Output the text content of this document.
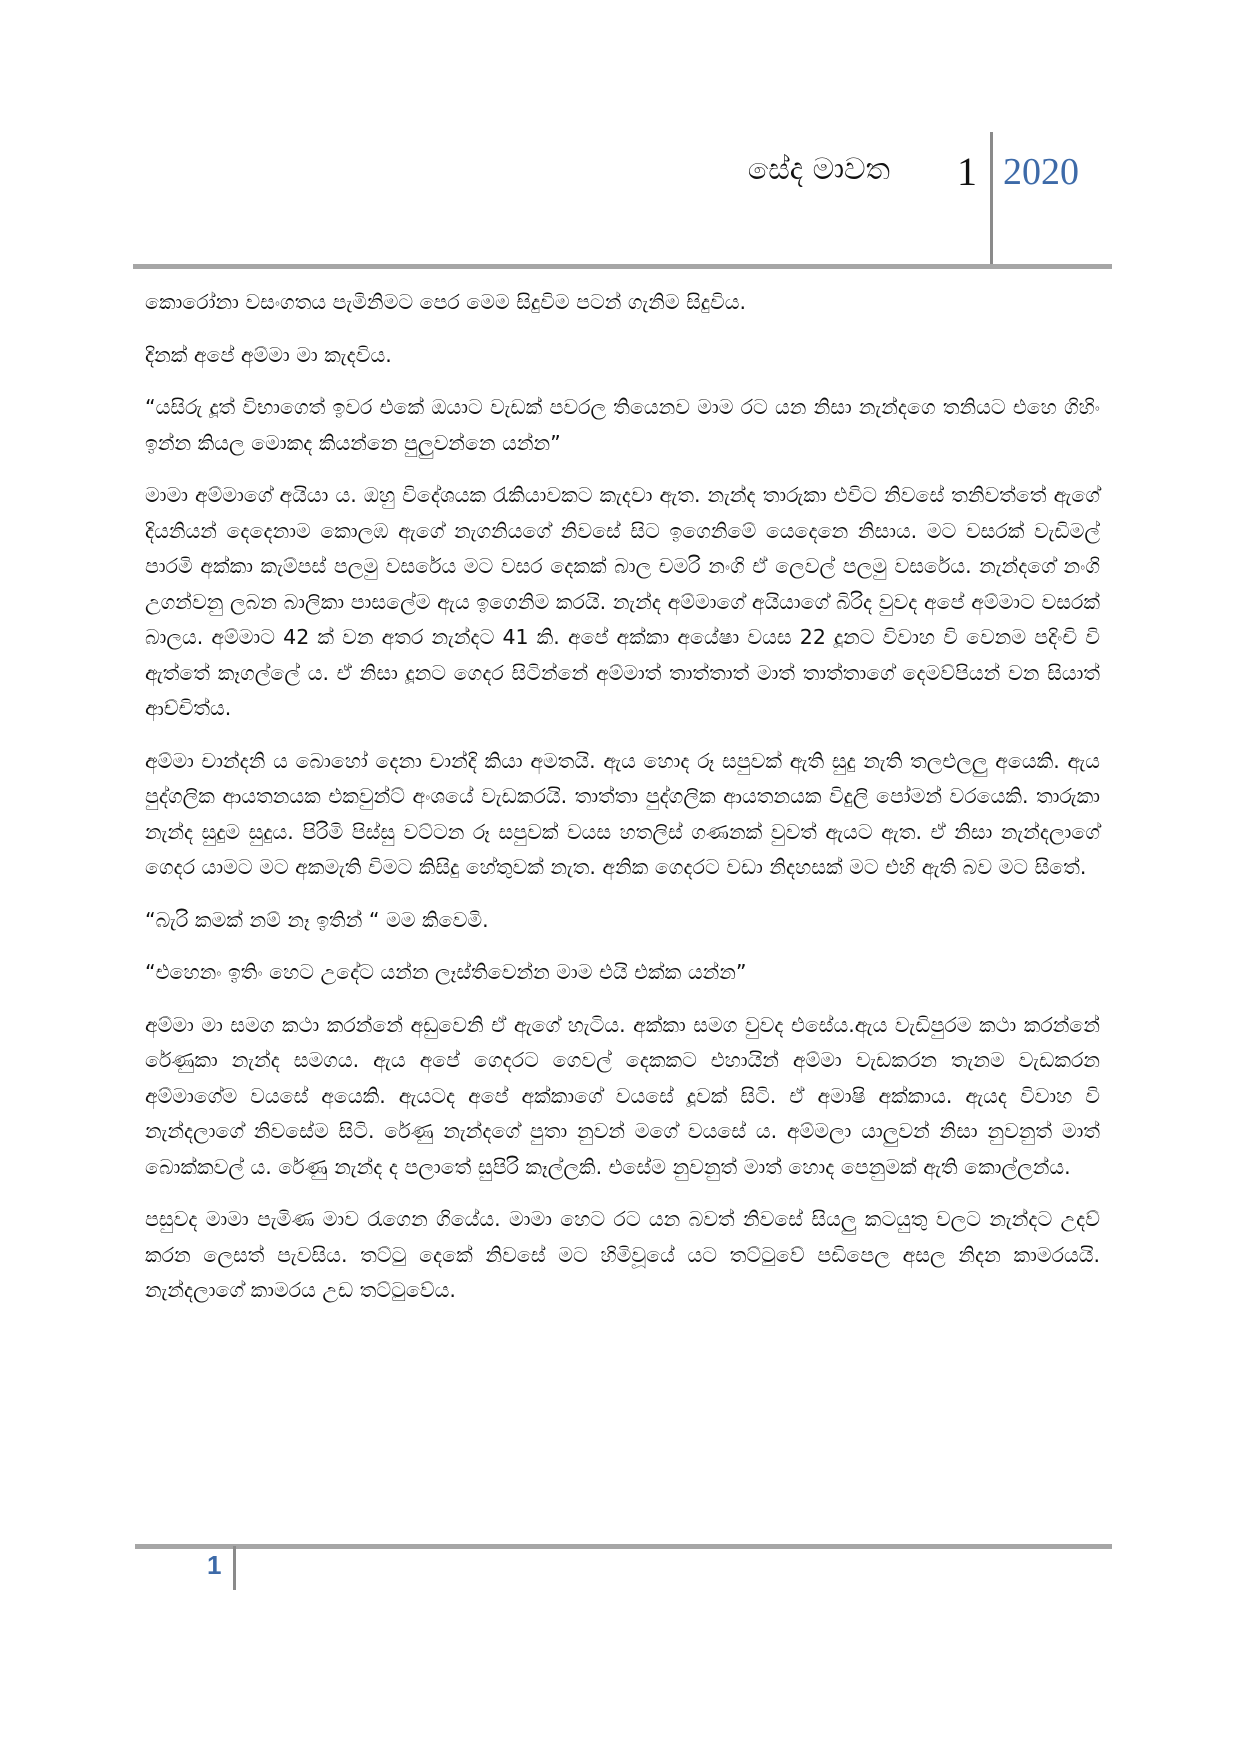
සේද මාවත 1 2020

කොරෝනා වසංගතය පැමිනිමට පෙර මෙම සිදුවිම පටන් ගැනිම සිදුවිය.

දිනක් අපේ අම්මා මා කැදවිය.

“යසිරු දූත් විභාගෙත් ඉවර එකේ ඔයාට වැඩක් පවරල තියෙනව මාම රට යන නිසා නැන්දගෙ තනියට එහෙ ගිහිං ඉන්න කියල මොකද කියන්නෙ පුලුවන්නෙ යන්න”

මාමා අම්මාගේ අයියා ය. ඔහු විදේශයක රැකියාවකට කැදවා ඇත. නැන්ද තාරුකා එවිට නිවසේ තනිවත්තේ ඇගේ දියනියන් දෙදෙනාම කොලඹ ඇගේ නැගනියගේ නිවසේ සිට ඉගෙනිමේ යෙදෙනෙ නිසාය. මට වසරක් වැඩිමල් පාරමි අක්කා කැම්පස් පලමු වසරේය මට වසර දෙකක් බාල චමරි නංගි ඒ ලෙවල් පලමු වසරේය. නැන්දගේ නංගි උගන්වනු ලබන බාලිකා පාසලේම ඇය ඉගෙනිම කරයි. නැන්ද අම්මාගේ අයියාගේ බිරිද වුවද අපේ අම්මාට වසරක් බාලය. අම්මාට 42 ක් වන අතර නැන්දට 41 කි. අපේ අක්කා අයේෂා වයස 22 දූනට විවාහ වි වෙනම පදිංචි වි ඇත්තේ කෑගල්ලේ ය. ඒ නිසා දූනට ගෙදර සිටින්නේ අම්මාත් තාත්තාත් මාත් තාත්තාගේ දෙමව්පියන් වන සියාත් ආච්චිත්ය.

අම්මා චාන්දනි ය බොහෝ දෙනා චාන්දි කියා අමතයි. ඇය හොද රූ සපුවක් ඇති සුදු නැති තලඑලලු අයෙකි. ඇය පුද්ගලික ආයතනයක එකවුන්ට් අංශයේ වැඩකරයි. තාත්තා පුද්ගලික ආයතනයක විදුලි පෝමන් වරයෙකි. තාරුකා නැන්ද සුදුම සුදුය. පිරිමි පිස්සු වට්ටන රූ සපුවක් වයස හතලිස් ගණනක් වුවත් ඇයට ඇත. ඒ නිසා නැන්දලාගේ ගෙදර යාමට මට අකමැති විමට කිසිදු හේතුවක් නැත. අනික ගෙදරට වඩා නිදහසක් මට එහි ඇති බව මට සිතේ.

“බැරි කමක් නම් නෑ ඉතින් “ මම කිවෙමි.

“එහෙනං ඉතිං හෙට උදේට යන්න ලෑස්තිවෙන්න මාම එයි එක්ක යන්න”

අම්මා මා සමග කථා කරන්නේ අඩුවෙනි ඒ ඇගේ හැටිය. අක්කා සමග වුවද එසේය.ඇය වැඩිපුරම කථා කරන්නේ රේණුකා නැන්ද සමගය. ඇය අපේ ගෙදරට ගෙවල් දෙකකට එහායින් අම්මා වැඩකරන තැනම වැඩකරන අම්මාගේම වයසේ අයෙකි. ඇයටද අපේ අක්කාගේ වයසේ දූවක් සිටි. ඒ අමාෂි අක්කාය. ඇයද විවාහ වි නැන්දලාගේ නිවසේම සිටි. රේණු නැන්දගේ පුතා නුවන් මගේ වයසේ ය. අම්මලා යාලුවන් නිසා නුවනුත් මාත් බොක්කවල් ය. රේණු නැන්ද ද පලාතේ සුපිරි කෑල්ලකි. එසේම නුවනුත් මාත් හොද පෙනුමක් ඇති කොල්ලන්ය.

පසුවද මාමා පැමිණ මාව රැගෙන ගියේය. මාමා හෙට රට යන බවත් නිවසේ සියලු කටයුතු වලට නැන්දට උදව් කරන ලෙසත් පැවසිය. තට්ටු දෙකේ නිවසේ මට හිමිවූයේ යට තට්ටුවේ පඩිපෙල අසල නිදන කාමරයයි. නැන්දලාගේ කාමරය උඩ තට්ටුවේය.

1
